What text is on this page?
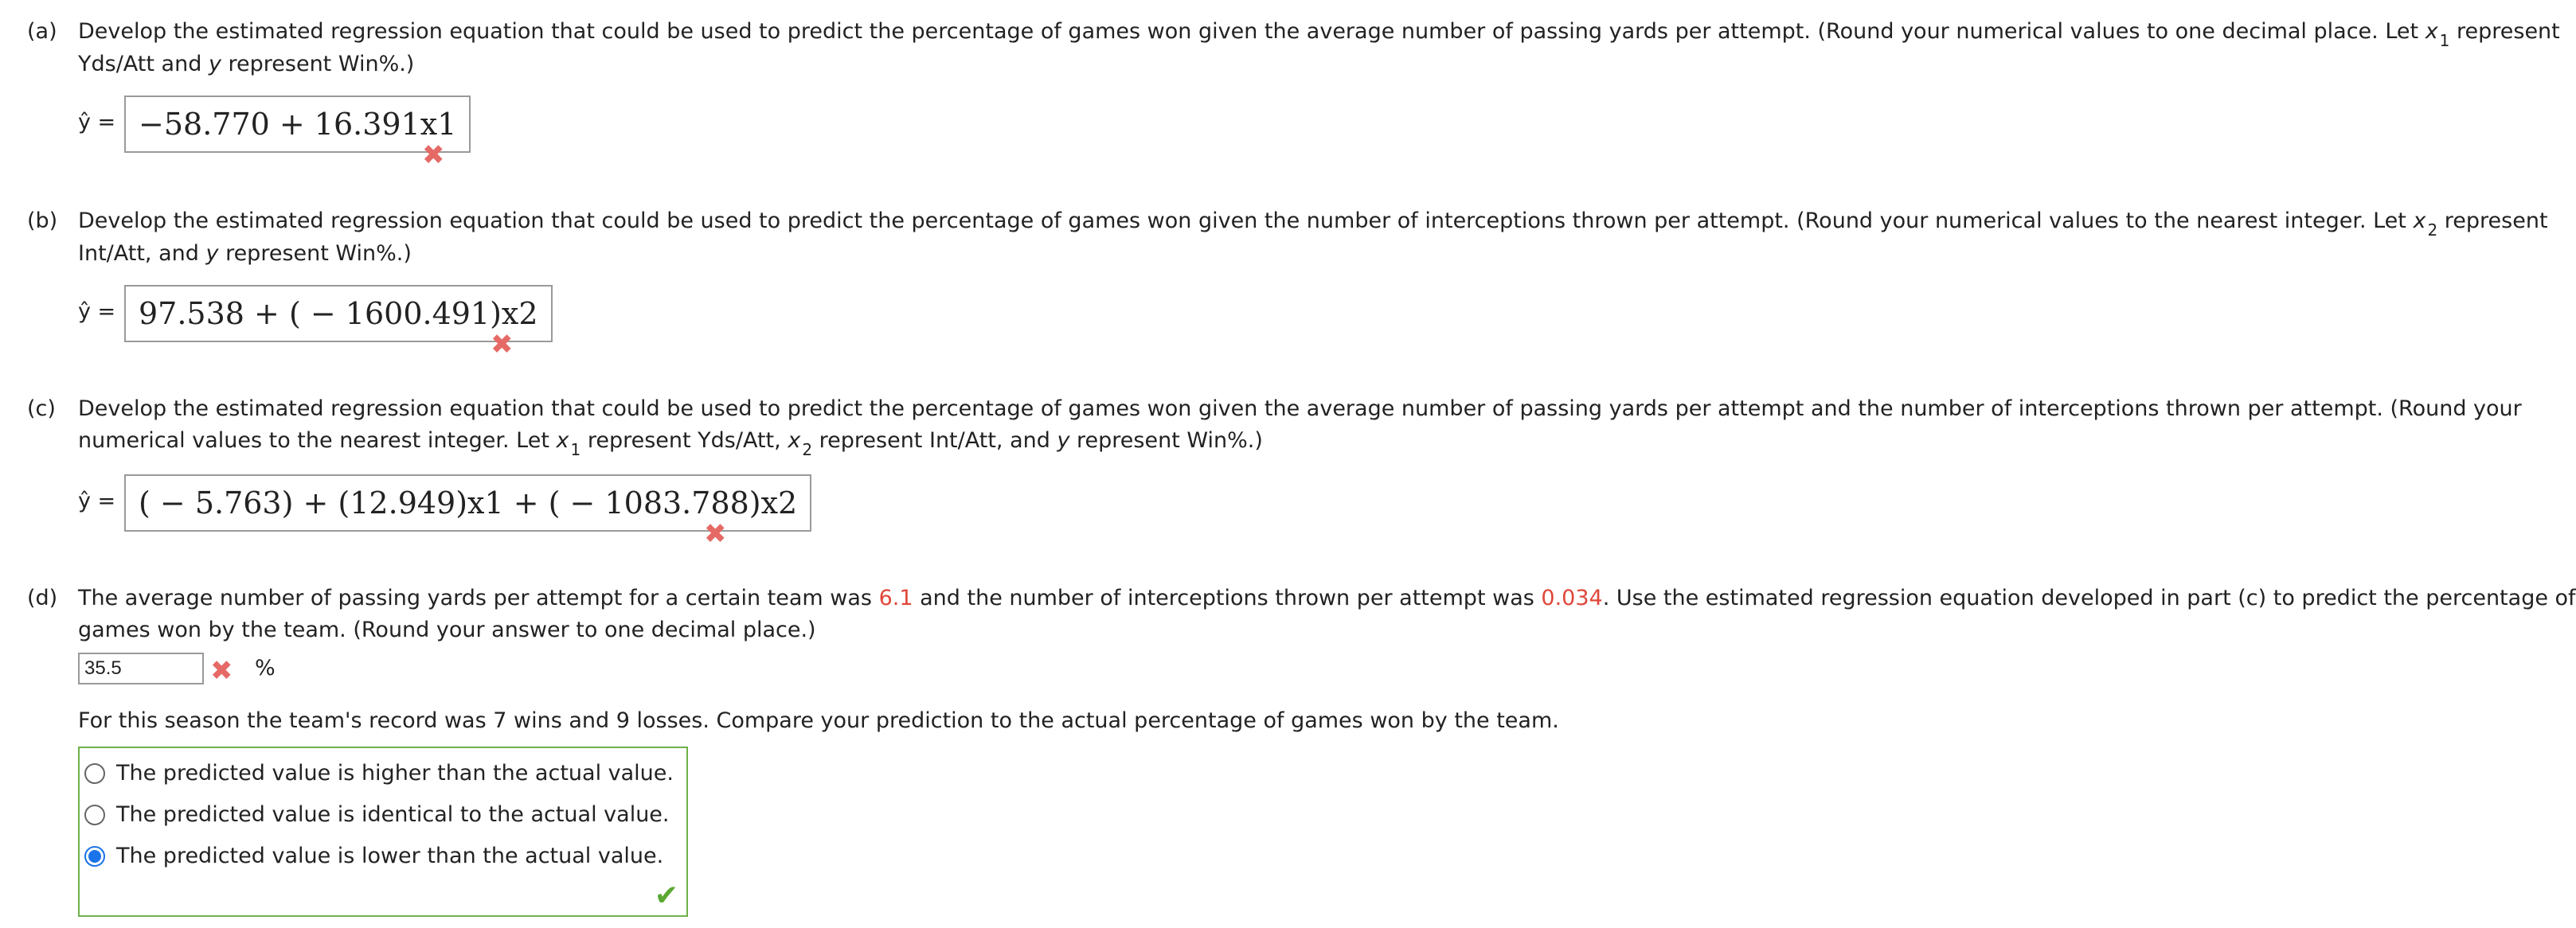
(a) Develop the estimated regression equation that could be used to predict the percentage of games won given the average number of passing yards per attempt. (Round your numerical values to one decimal place. Let x $_1$ represent
Yds/Att and y represent Win%.)
ŷ = −58.770 + 16.391x1
✖
(b) Develop the estimated regression equation that could be used to predict the percentage of games won given the number of interceptions thrown per attempt. (Round your numerical values to the nearest integer. Let x $_2$ represent
Int/Att, and y represent Win%.)
ŷ = 97.538 + ( − 1600.491)x2
✖
(c) Develop the estimated regression equation that could be used to predict the percentage of games won given the average number of passing yards per attempt and the number of interceptions thrown per attempt. (Round your
numerical values to the nearest integer. Let x $_1$ represent Yds/Att, x $_2$ represent Int/Att, and y represent Win%.)
ŷ = ( − 5.763) + (12.949)x1 + ( − 1083.788)x2
✖
(d) The average number of passing yards per attempt for a certain team was 6.1 and the number of interceptions thrown per attempt was 0.034. Use the estimated regression equation developed in part (c) to predict the percentage of
games won by the team. (Round your answer to one decimal place.)
35.5	✖ %
For this season the team's record was 7 wins and 9 losses. Compare your prediction to the actual percentage of games won by the team.
The predicted value is higher than the actual value.
The predicted value is identical to the actual value.
The predicted value is lower than the actual value.
✔
